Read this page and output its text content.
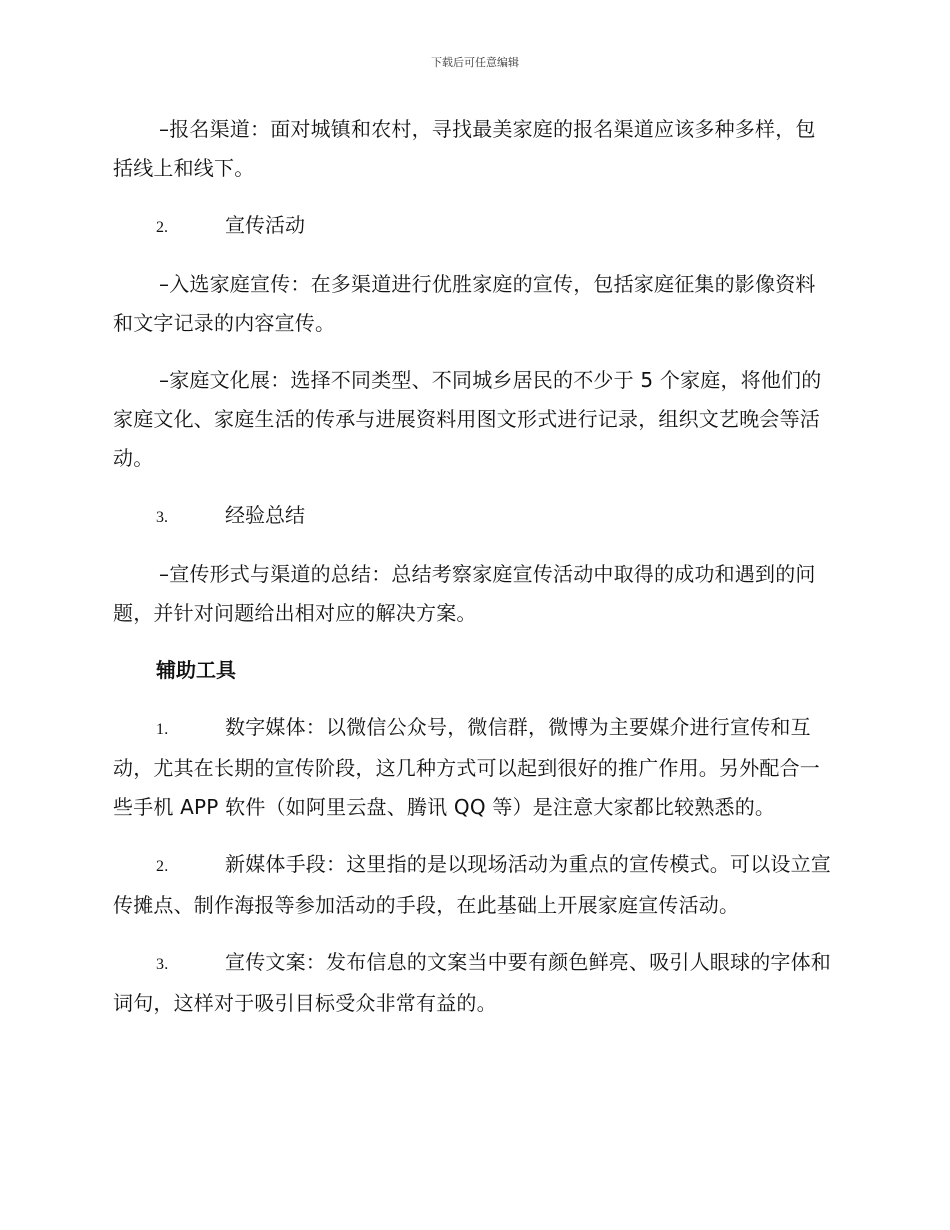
下载后可任意编辑

–报名渠道：面对城镇和农村，寻找最美家庭的报名渠道应该多种多样，包括线上和线下。

2.	宣传活动

–入选家庭宣传：在多渠道进行优胜家庭的宣传，包括家庭征集的影像资料和文字记录的内容宣传。

–家庭文化展：选择不同类型、不同城乡居民的不少于 5 个家庭，将他们的家庭文化、家庭生活的传承与进展资料用图文形式进行记录，组织文艺晚会等活动。

3.	经验总结

–宣传形式与渠道的总结：总结考察家庭宣传活动中取得的成功和遇到的问题，并针对问题给出相对应的解决方案。

辅助工具

1.	数字媒体：以微信公众号，微信群，微博为主要媒介进行宣传和互动，尤其在长期的宣传阶段，这几种方式可以起到很好的推广作用。另外配合一些手机 APP 软件（如阿里云盘、腾讯 QQ 等）是注意大家都比较熟悉的。

2.	新媒体手段：这里指的是以现场活动为重点的宣传模式。可以设立宣传摊点、制作海报等参加活动的手段，在此基础上开展家庭宣传活动。

3.	宣传文案：发布信息的文案当中要有颜色鲜亮、吸引人眼球的字体和词句，这样对于吸引目标受众非常有益的。
